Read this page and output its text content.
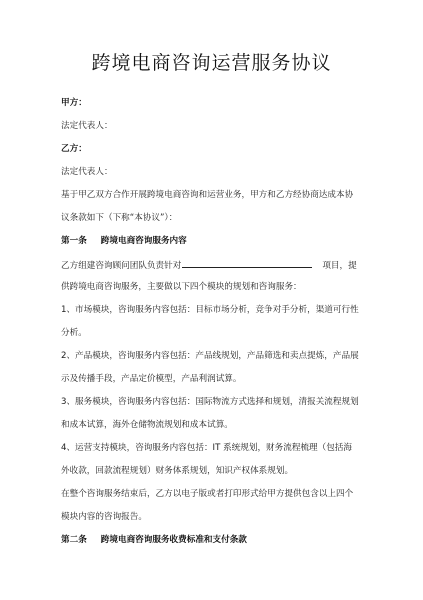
跨境电商咨询运营服务协议
甲方：
法定代表人：
乙方：
法定代表人：
基于甲乙双方合作开展跨境电商咨询和运营业务，甲方和乙方经协商达成本协
议条款如下（下称“本协议”）：
第一条 跨境电商咨询服务内容
乙方组建咨询顾问团队负责针对	项目，提
供跨境电商咨询服务，主要做以下四个模块的规划和咨询服务：
1、市场模块，咨询服务内容包括：目标市场分析，竞争对手分析，渠道可行性
分析。
2、产品模块，咨询服务内容包括：产品线规划，产品筛选和卖点提炼，产品展
示及传播手段，产品定价模型，产品利润试算。
3、服务模块，咨询服务内容包括：国际物流方式选择和规划，清报关流程规划
和成本试算，海外仓储物流规划和成本试算。
4、运营支持模块，咨询服务内容包括：IT 系统规划，财务流程梳理（包括海
外收款，回款流程规划）财务体系规划，知识产权体系规划。
在整个咨询服务结束后，乙方以电子版或者打印形式给甲方提供包含以上四个
模块内容的咨询报告。
第二条 跨境电商咨询服务收费标准和支付条款
